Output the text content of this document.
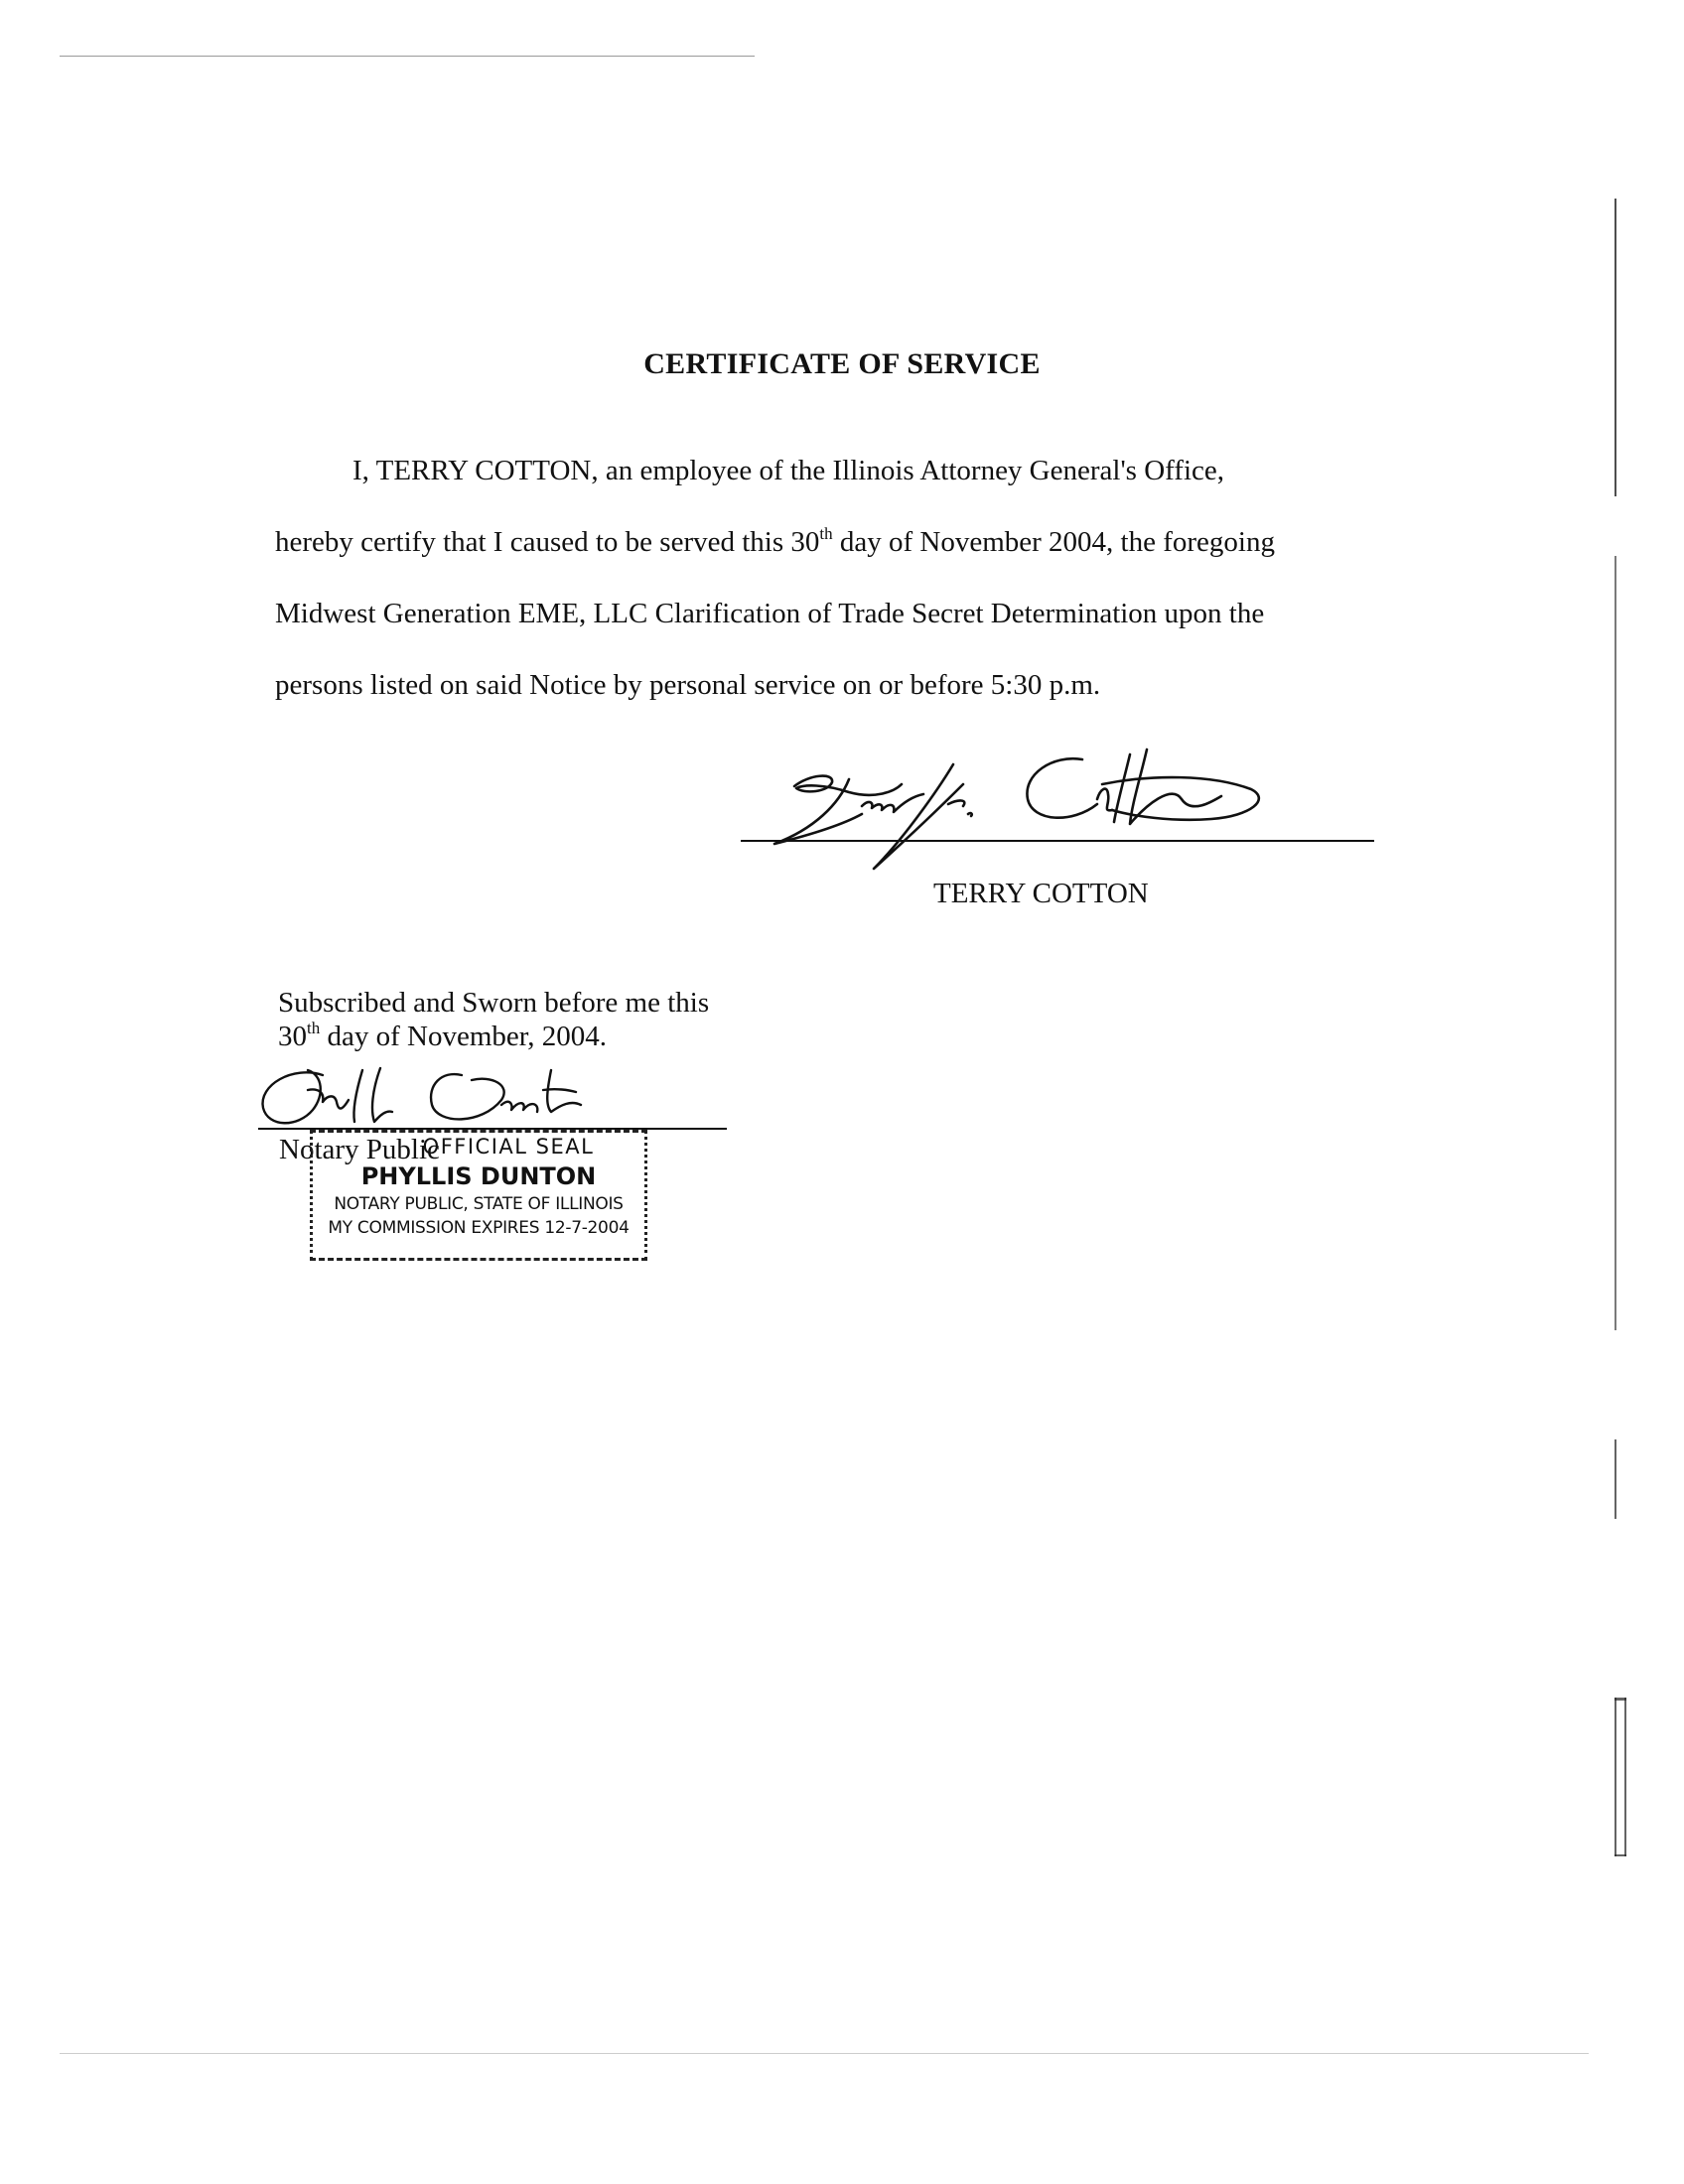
CERTIFICATE OF SERVICE
I, TERRY COTTON, an employee of the Illinois Attorney General's Office,
hereby certify that I caused to be served this 30th day of November 2004, the foregoing
Midwest Generation EME, LLC Clarification of Trade Secret Determination upon the
persons listed on said Notice by personal service on or before 5:30 p.m.
TERRY COTTON
Subscribed and Sworn before me this
30th day of November, 2004.
Notary Public
OFFICIAL SEAL
PHYLLIS DUNTON
NOTARY PUBLIC, STATE OF ILLINOIS
MY COMMISSION EXPIRES 12-7-2004
